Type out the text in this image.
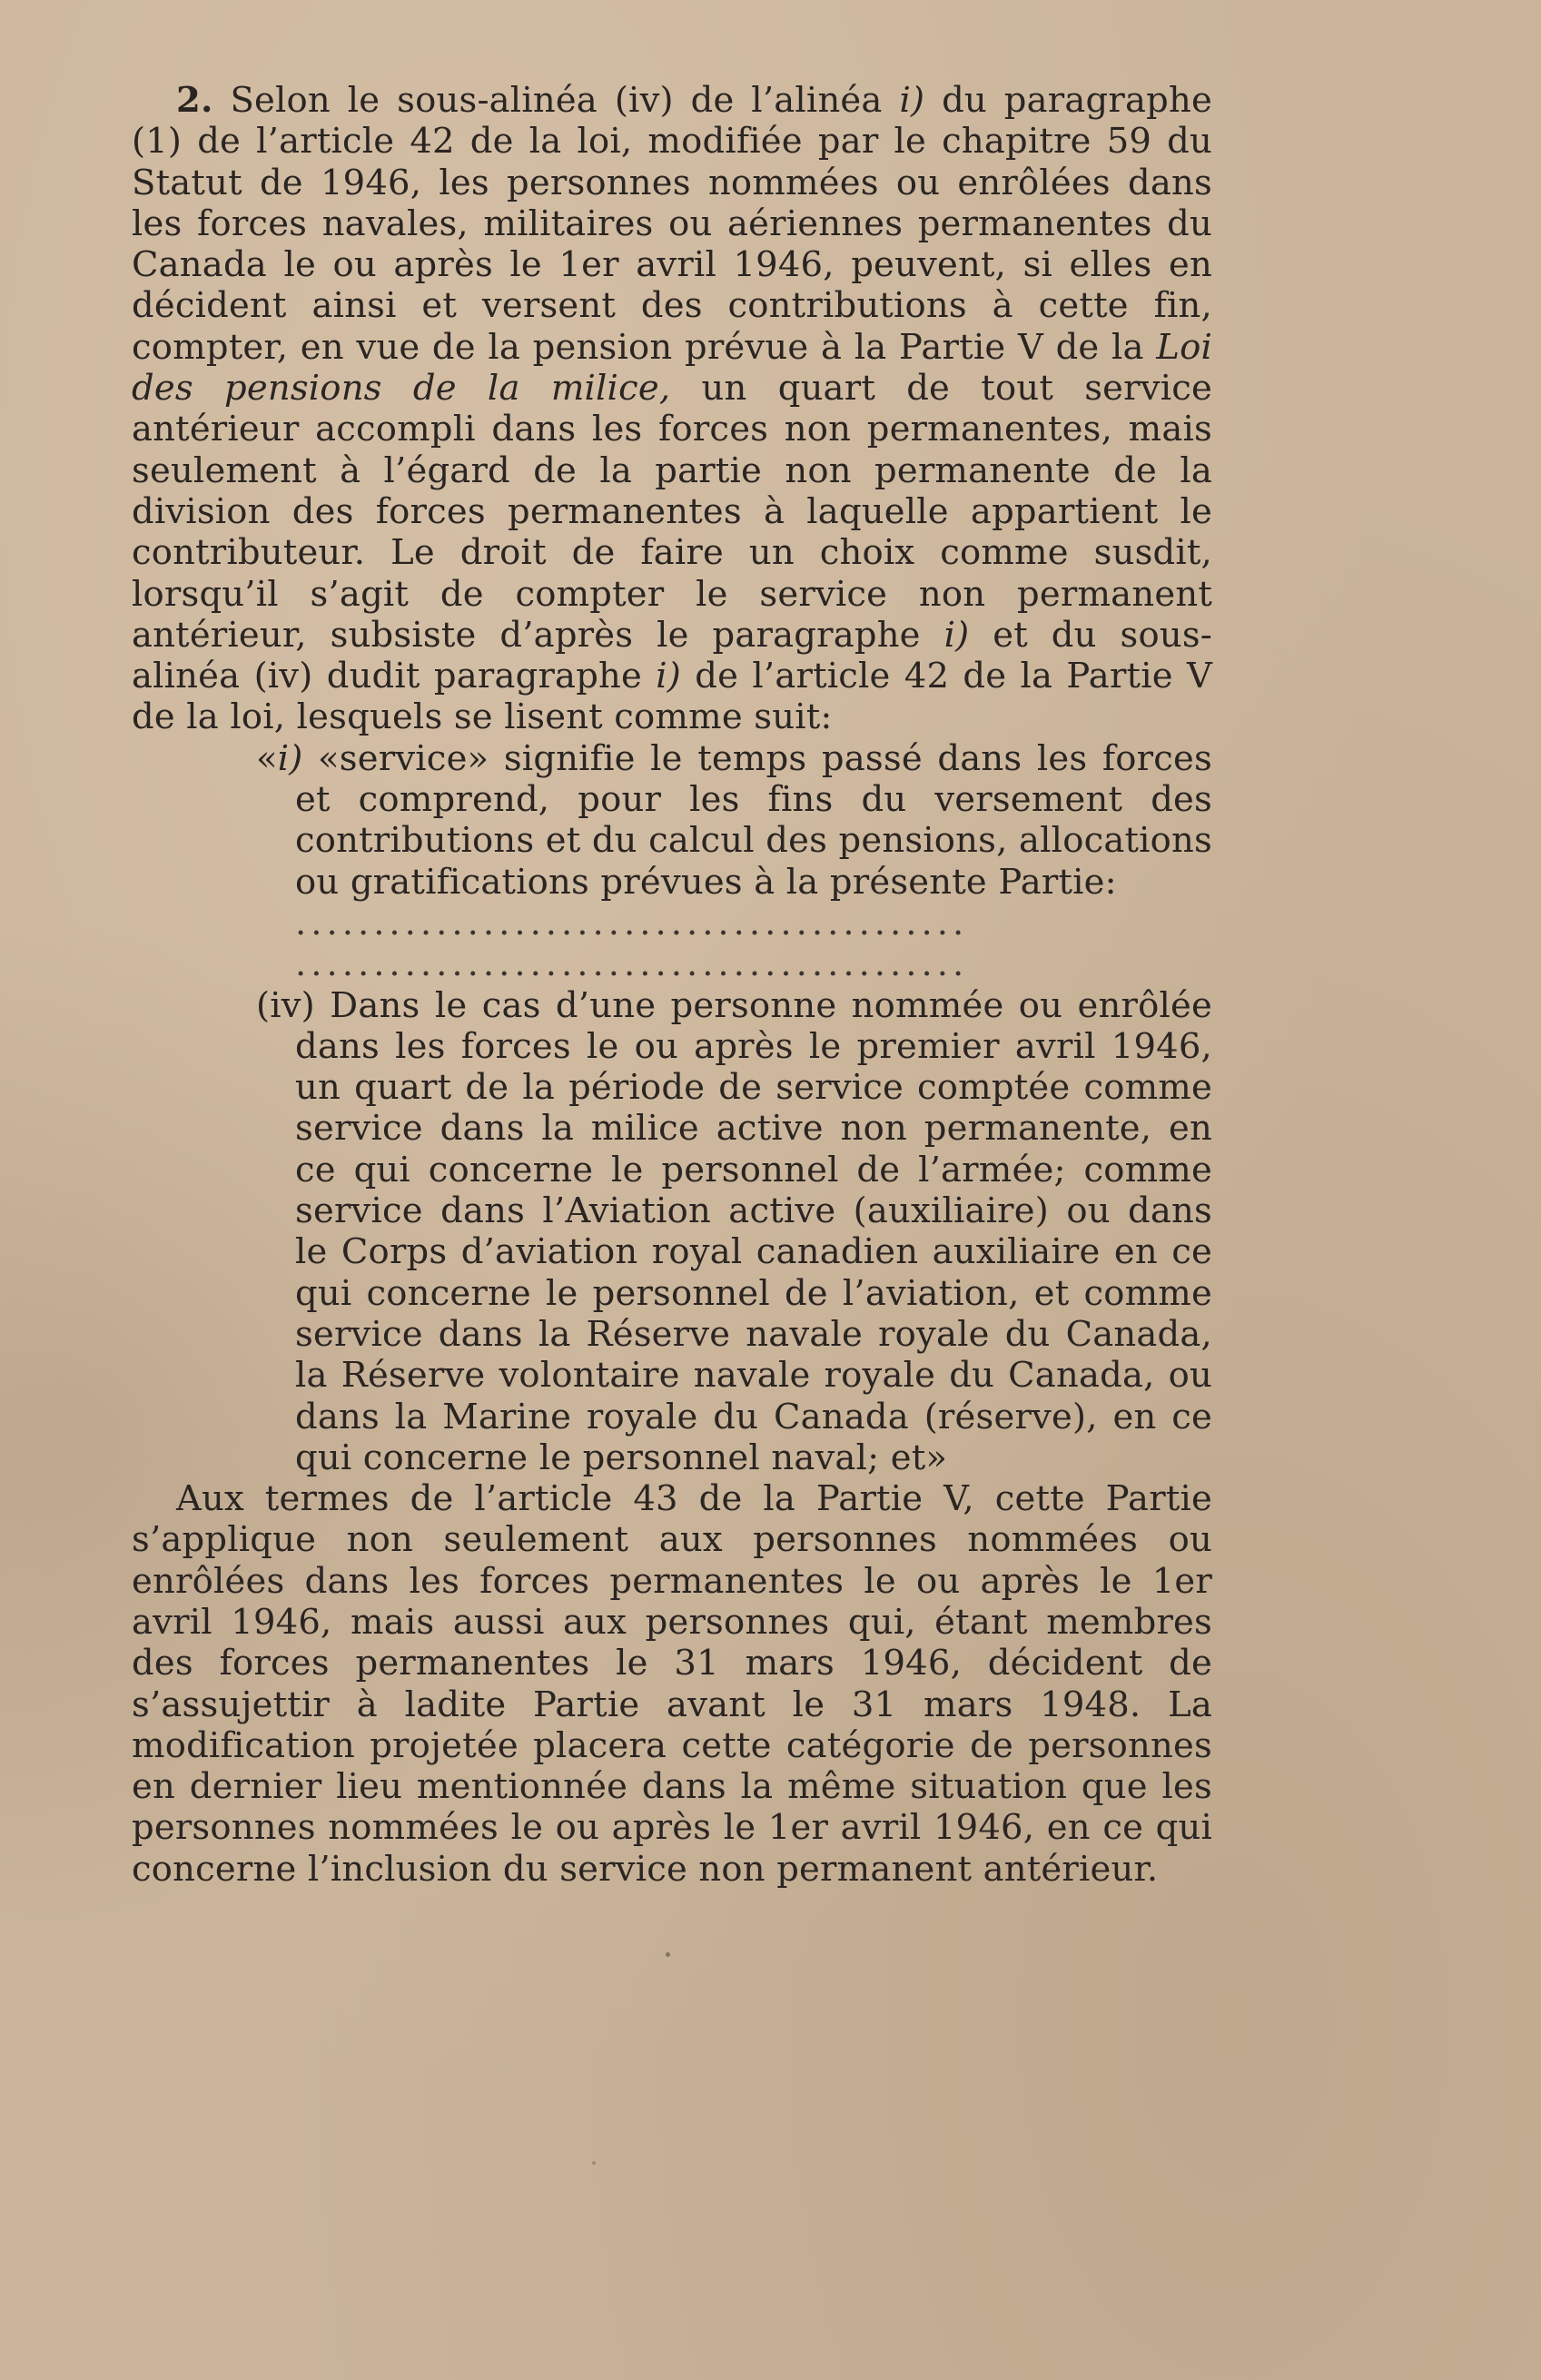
2. Selon le sous-alinéa (iv) de l’alinéa i) du paragraphe (1) de l’article 42 de la loi, modifiée par le chapitre 59 du Statut de 1946, les personnes nommées ou enrôlées dans les forces navales, militaires ou aériennes permanentes du Canada le ou après le 1er avril 1946, peuvent, si elles en décident ainsi et versent des contributions à cette fin, compter, en vue de la pension prévue à la Partie V de la Loi des pensions de la milice, un quart de tout service antérieur accompli dans les forces non permanentes, mais seulement à l’égard de la partie non permanente de la division des forces permanentes à laquelle appartient le contributeur. Le droit de faire un choix comme susdit, lorsqu’il s’agit de compter le service non permanent antérieur, subsiste d’après le paragraphe i) et du sous-alinéa (iv) dudit paragraphe i) de l’article 42 de la Partie V de la loi, lesquels se lisent comme suit:

«i) «service» signifie le temps passé dans les forces et comprend, pour les fins du versement des contributions et du calcul des pensions, allocations ou gratifications prévues à la présente Partie:

...........................................

...........................................

(iv) Dans le cas d’une personne nommée ou enrôlée dans les forces le ou après le premier avril 1946, un quart de la période de service comptée comme service dans la milice active non permanente, en ce qui concerne le personnel de l’armée; comme service dans l’Aviation active (auxiliaire) ou dans le Corps d’aviation royal canadien auxiliaire en ce qui concerne le personnel de l’aviation, et comme service dans la Réserve navale royale du Canada, la Réserve volontaire navale royale du Canada, ou dans la Marine royale du Canada (réserve), en ce qui concerne le personnel naval; et»

Aux termes de l’article 43 de la Partie V, cette Partie s’applique non seulement aux personnes nommées ou enrôlées dans les forces permanentes le ou après le 1er avril 1946, mais aussi aux personnes qui, étant membres des forces permanentes le 31 mars 1946, décident de s’assujettir à ladite Partie avant le 31 mars 1948. La modification projetée placera cette catégorie de personnes en dernier lieu mentionnée dans la même situation que les personnes nommées le ou après le 1er avril 1946, en ce qui concerne l’inclusion du service non permanent antérieur.
